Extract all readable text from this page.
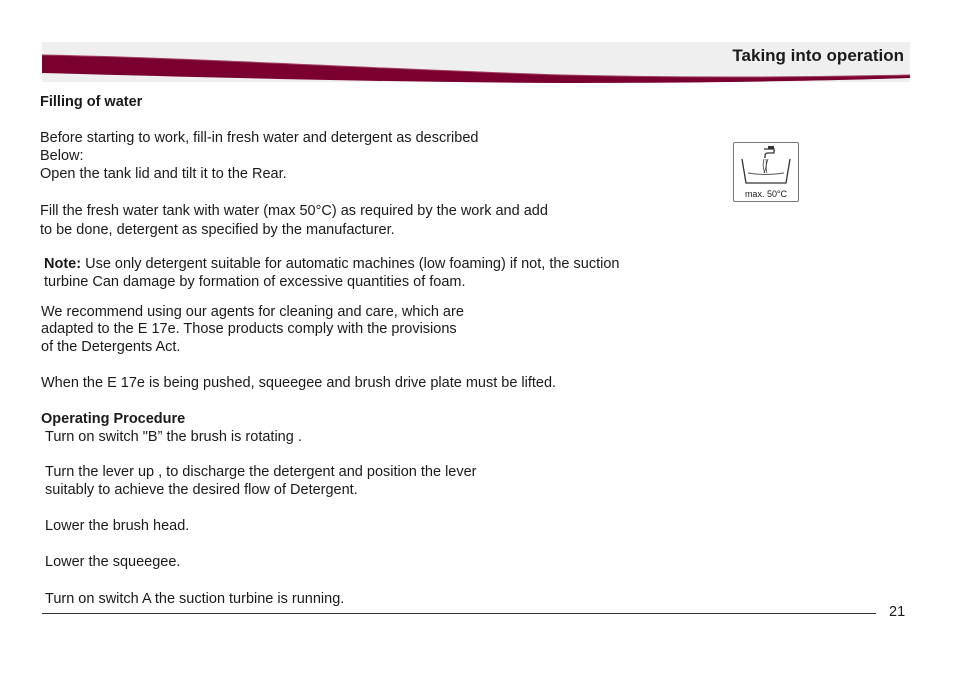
Taking into operation
Filling of water
Before starting to work, fill-in fresh water and detergent as described
Below:
Open the tank lid and tilt it to the Rear.
Fill the fresh water tank with water (max 50°C) as required by the work and add
to be done, detergent as specified by the manufacturer.
Note: Use only detergent suitable for automatic machines (low foaming) if not, the suction
turbine Can damage by formation of excessive quantities of foam.
We recommend using our agents for cleaning and care, which are
adapted to the E 17e. Those products comply with the provisions
of the Detergents Act.
When the E 17e is being pushed, squeegee and brush drive plate must be lifted.
Operating Procedure
Turn on switch "B” the brush is rotating .
Turn the lever up , to discharge the detergent and position the lever
suitably to achieve the desired flow of Detergent.
Lower the brush head.
Lower the squeegee.
Turn on switch A the suction turbine is running.
max. 50°C
21
